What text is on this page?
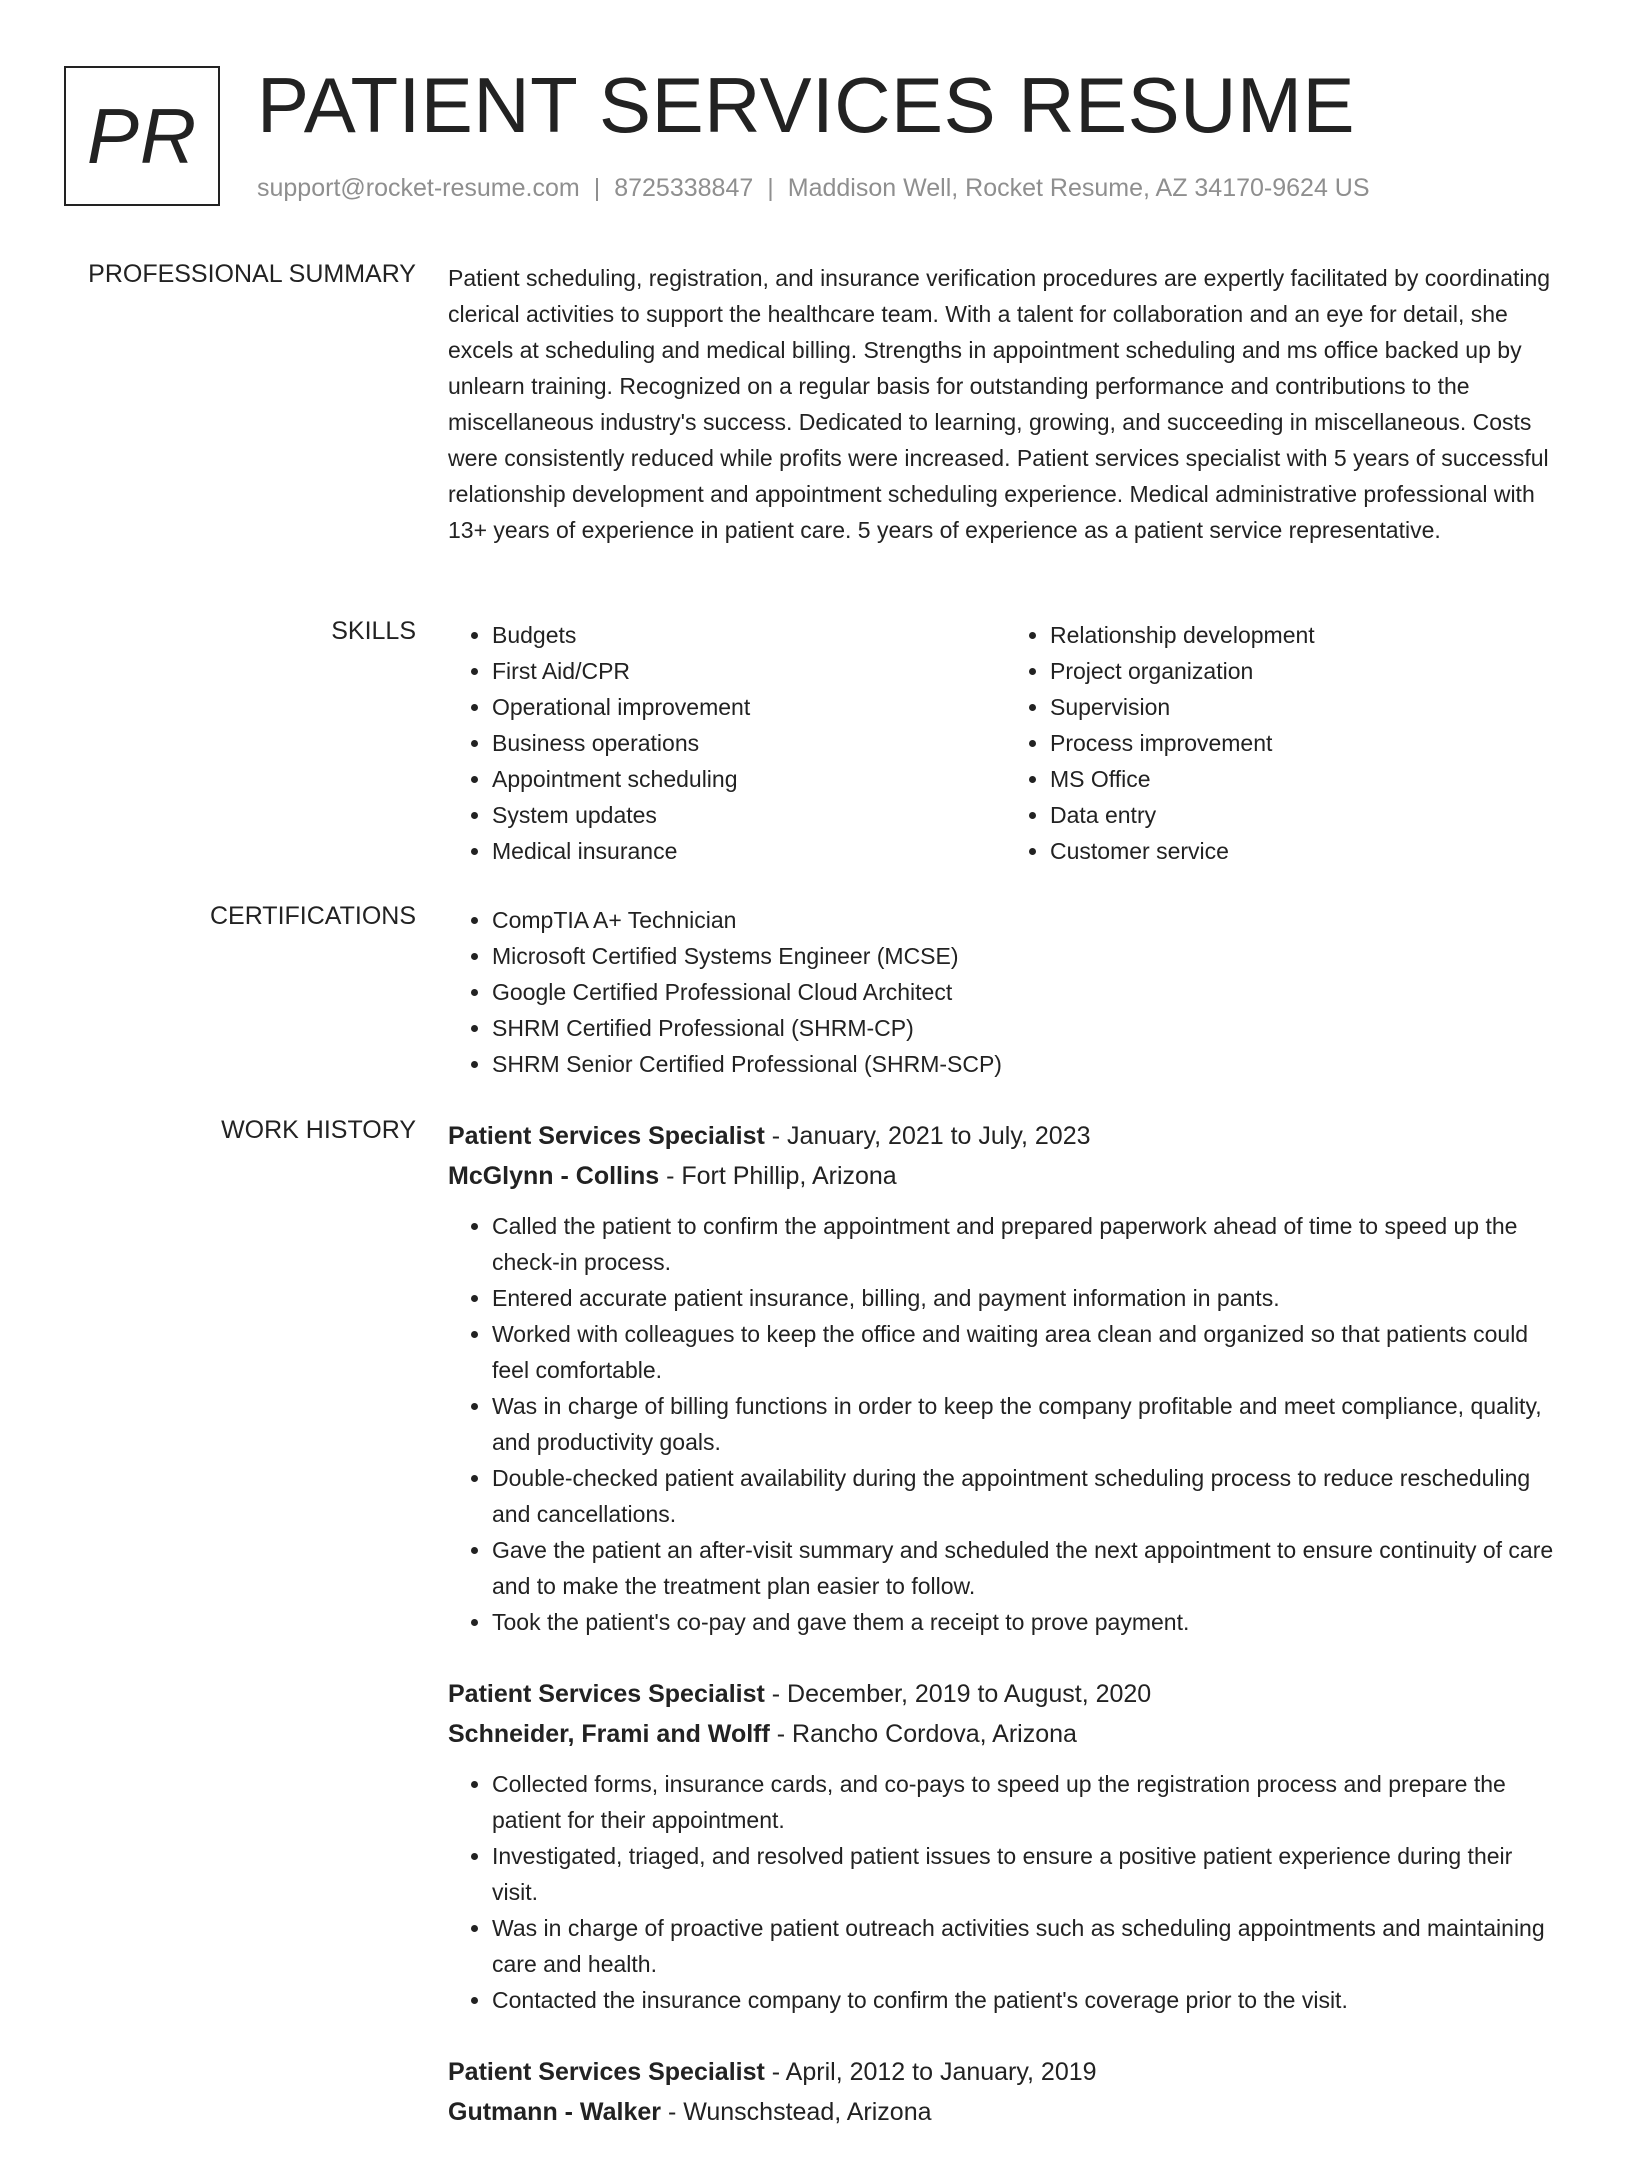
PR PATIENT SERVICES RESUME
support@rocket-resume.com | 8725338847 | Maddison Well, Rocket Resume, AZ 34170-9624 US
PROFESSIONAL SUMMARY Patient scheduling, registration, and insurance verification procedures are expertly facilitated by coordinating clerical activities to support the healthcare team. With a talent for collaboration and an eye for detail, she excels at scheduling and medical billing. Strengths in appointment scheduling and ms office backed up by unlearn training. Recognized on a regular basis for outstanding performance and contributions to the miscellaneous industry's success. Dedicated to learning, growing, and succeeding in miscellaneous. Costs were consistently reduced while profits were increased. Patient services specialist with 5 years of successful relationship development and appointment scheduling experience. Medical administrative professional with 13+ years of experience in patient care. 5 years of experience as a patient service representative.

SKILLS	• Budgets
• First Aid/CPR
• Operational improvement
• Business operations
• Appointment scheduling
• System updates
• Medical insurance
• Relationship development
• Project organization
• Supervision
• Process improvement
• MS Office
• Data entry
• Customer service
CERTIFICATIONS	• CompTIA A+ Technician
• Microsoft Certified Systems Engineer (MCSE)
• Google Certified Professional Cloud Architect
• SHRM Certified Professional (SHRM-CP)
• SHRM Senior Certified Professional (SHRM-SCP)
WORK HISTORY Patient Services Specialist - January, 2021 to July, 2023
McGlynn - Collins - Fort Phillip, Arizona
• Called the patient to confirm the appointment and prepared paperwork ahead of time to speed up the check-in process.
• Entered accurate patient insurance, billing, and payment information in pants.
• Worked with colleagues to keep the office and waiting area clean and organized so that patients could feel comfortable.
• Was in charge of billing functions in order to keep the company profitable and meet compliance, quality, and productivity goals.
• Double-checked patient availability during the appointment scheduling process to reduce rescheduling and cancellations.
• Gave the patient an after-visit summary and scheduled the next appointment to ensure continuity of care and to make the treatment plan easier to follow.
• Took the patient's co-pay and gave them a receipt to prove payment.
Patient Services Specialist - December, 2019 to August, 2020
Schneider, Frami and Wolff - Rancho Cordova, Arizona
• Collected forms, insurance cards, and co-pays to speed up the registration process and prepare the patient for their appointment.
• Investigated, triaged, and resolved patient issues to ensure a positive patient experience during their visit.
• Was in charge of proactive patient outreach activities such as scheduling appointments and maintaining care and health.
• Contacted the insurance company to confirm the patient's coverage prior to the visit.
Patient Services Specialist - April, 2012 to January, 2019
Gutmann - Walker - Wunschstead, Arizona
